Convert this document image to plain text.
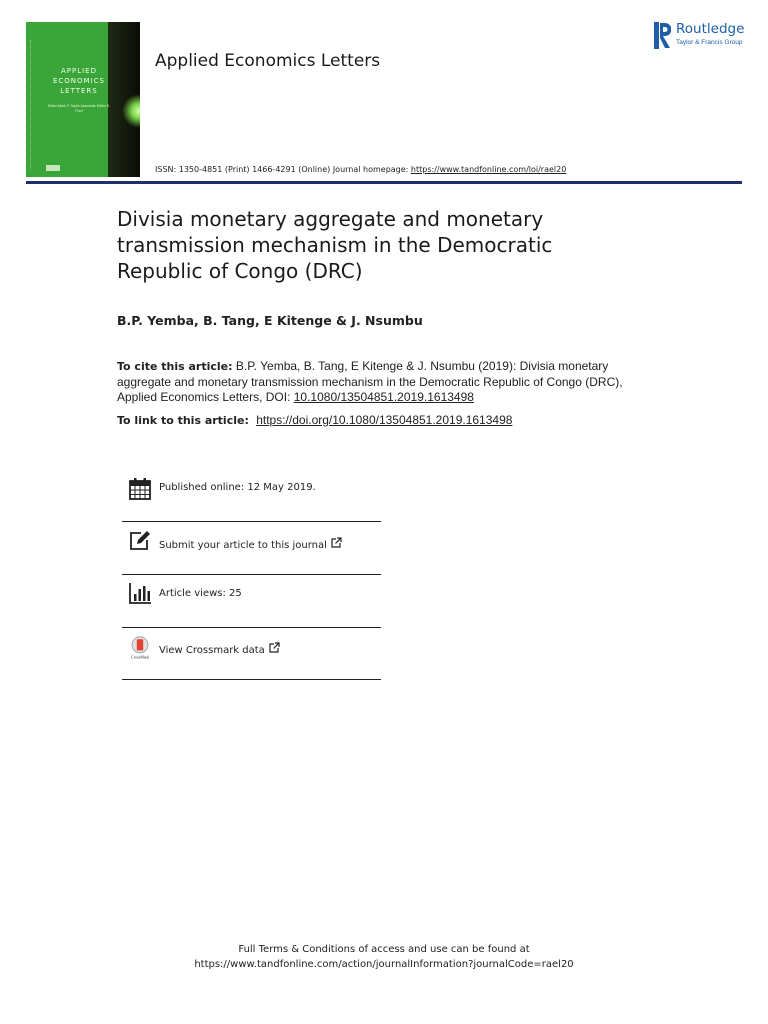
APPLIED
ECONOMICS
LETTERS
Editor Mark P. Taylor Associate Editor K. Ford
Applied Economics Letters
Routledge
Taylor & Francis Group
ISSN: 1350-4851 (Print) 1466-4291 (Online) Journal homepage: https://www.tandfonline.com/loi/rael20
Divisia monetary aggregate and monetary transmission mechanism in the Democratic Republic of Congo (DRC)
B.P. Yemba, B. Tang, E Kitenge & J. Nsumbu
To cite this article: B.P. Yemba, B. Tang, E Kitenge & J. Nsumbu (2019): Divisia monetary aggregate and monetary transmission mechanism in the Democratic Republic of Congo (DRC), Applied Economics Letters, DOI: 10.1080/13504851.2019.1613498
To link to this article: https://doi.org/10.1080/13504851.2019.1613498
Published online: 12 May 2019.
Submit your article to this journal
Article views: 25
CrossMark
View Crossmark data
Full Terms & Conditions of access and use can be found at
https://www.tandfonline.com/action/journalInformation?journalCode=rael20
